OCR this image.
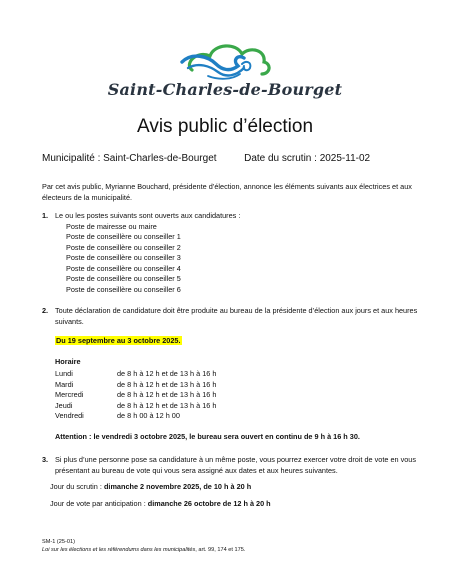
Saint-Charles-de-Bourget
Avis public d’élection
Municipalité : Saint-Charles-de-Bourget	Date du scrutin : 2025-11-02
Par cet avis public, Myrianne Bouchard, présidente d’élection, annonce les éléments suivants aux électrices et aux électeurs de la municipalité.
1. Le ou les postes suivants sont ouverts aux candidatures :
Poste de mairesse ou maire
Poste de conseillère ou conseiller 1
Poste de conseillère ou conseiller 2
Poste de conseillère ou conseiller 3
Poste de conseillère ou conseiller 4
Poste de conseillère ou conseiller 5
Poste de conseillère ou conseiller 6
2. Toute déclaration de candidature doit être produite au bureau de la présidente d’élection aux jours et aux heures suivants.
Du 19 septembre au 3 octobre 2025.
Horaire
Lundi	de 8 h à 12 h et de 13 h à 16 h
Mardi	de 8 h à 12 h et de 13 h à 16 h
Mercredi	de 8 h à 12 h et de 13 h à 16 h
Jeudi	de 8 h à 12 h et de 13 h à 16 h
Vendredi	de 8 h 00 à 12 h 00
Attention : le vendredi 3 octobre 2025, le bureau sera ouvert en continu de 9 h à 16 h 30.
3. Si plus d’une personne pose sa candidature à un même poste, vous pourrez exercer votre droit de vote en vous présentant au bureau de vote qui vous sera assigné aux dates et aux heures suivantes.
Jour du scrutin : dimanche 2 novembre 2025, de 10 h à 20 h
Jour de vote par anticipation : dimanche 26 octobre de 12 h à 20 h
SM-1 (25-01)
Loi sur les élections et les référendums dans les municipalités, art. 99, 174 et 175.
